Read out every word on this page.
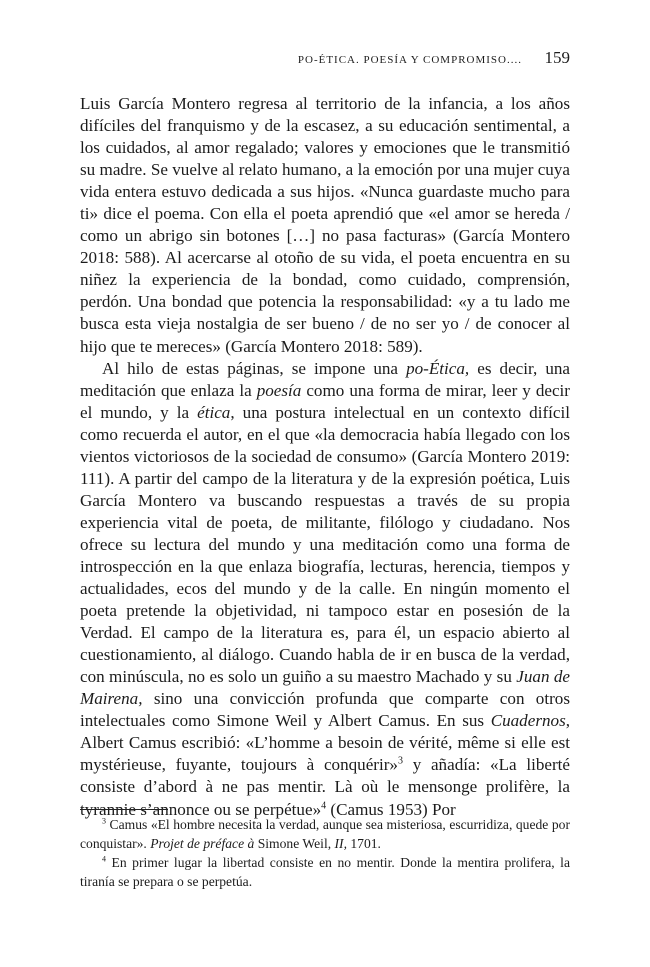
PO-ÉTICA. POESÍA Y COMPROMISO.... 159

Luis García Montero regresa al territorio de la infancia, a los años difíciles del franquismo y de la escasez, a su educación sentimental, a los cuidados, al amor regalado; valores y emociones que le transmitió su madre. Se vuelve al relato humano, a la emoción por una mujer cuya vida entera estuvo dedicada a sus hijos. «Nunca guardaste mucho para ti» dice el poema. Con ella el poeta aprendió que «el amor se hereda / como un abrigo sin botones […] no pasa facturas» (García Montero 2018: 588). Al acercarse al otoño de su vida, el poeta encuentra en su niñez la experiencia de la bondad, como cuidado, comprensión, perdón. Una bondad que potencia la responsabilidad: «y a tu lado me busca esta vieja nostalgia de ser bueno / de no ser yo / de conocer al hijo que te mereces» (García Montero 2018: 589).

Al hilo de estas páginas, se impone una po-Ética, es decir, una meditación que enlaza la poesía como una forma de mirar, leer y decir el mundo, y la ética, una postura intelectual en un contexto difícil como recuerda el autor, en el que «la democracia había llegado con los vientos victoriosos de la sociedad de consumo» (García Montero 2019: 111). A partir del campo de la literatura y de la expresión poética, Luis García Montero va buscando respuestas a través de su propia experiencia vital de poeta, de militante, filólogo y ciudadano. Nos ofrece su lectura del mundo y una meditación como una forma de introspección en la que enlaza biografía, lecturas, herencia, tiempos y actualidades, ecos del mundo y de la calle. En ningún momento el poeta pretende la objetividad, ni tampoco estar en posesión de la Verdad. El campo de la literatura es, para él, un espacio abierto al cuestionamiento, al diálogo. Cuando habla de ir en busca de la verdad, con minúscula, no es solo un guiño a su maestro Machado y su Juan de Mairena, sino una convicción profunda que comparte con otros intelectuales como Simone Weil y Albert Camus. En sus Cuadernos, Albert Camus escribió: «L’homme a besoin de vérité, même si elle est mystérieuse, fuyante, toujours à conquérir»$^3$ y añadía: «La liberté consiste d’abord à ne pas mentir. Là où le mensonge prolifère, la tyrannie s’annonce ou se perpétue»$^4$ (Camus 1953) Por

$^3$ Camus «El hombre necesita la verdad, aunque sea misteriosa, escurridiza, quede por conquistar». Projet de préface à Simone Weil, II, 1701.

$^4$ En primer lugar la libertad consiste en no mentir. Donde la mentira prolifera, la tiranía se prepara o se perpetúa.
